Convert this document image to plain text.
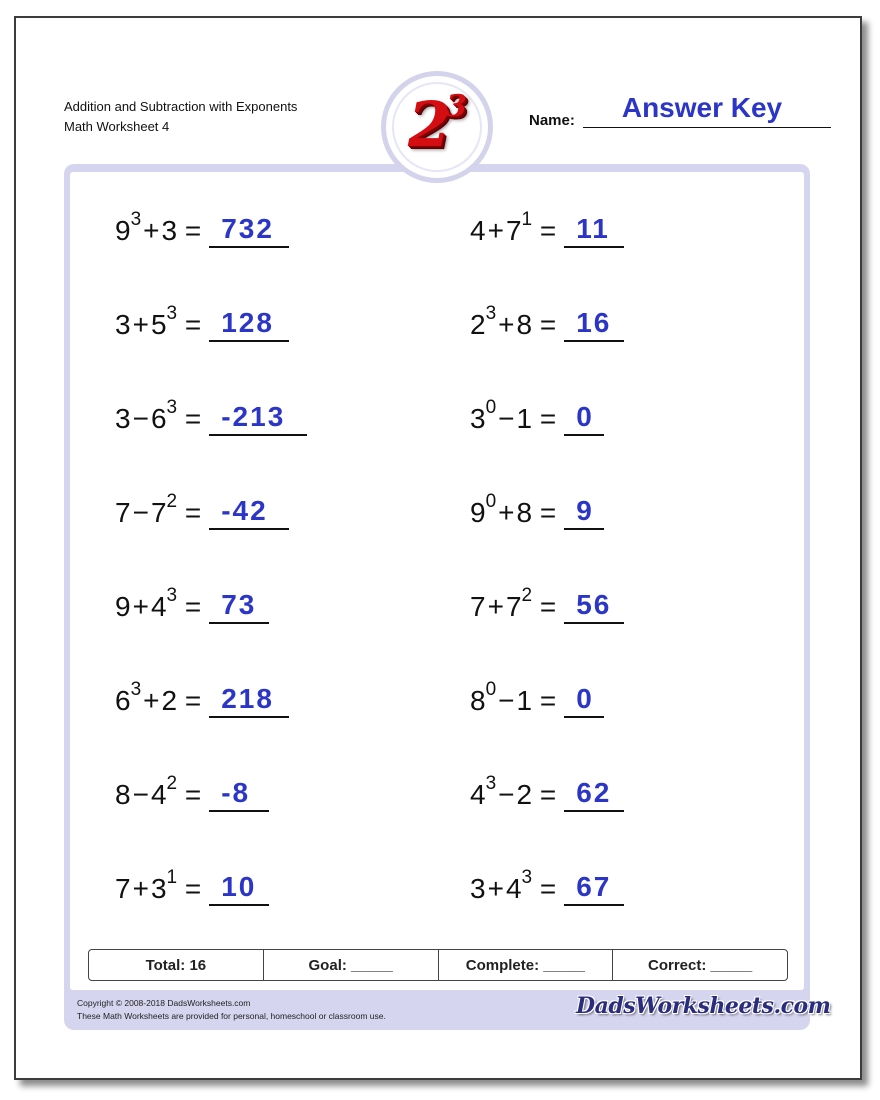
Addition and Subtraction with Exponents
Math Worksheet 4
$9^3+3 = 732$	$4+7^1 = 11$
$3+5^3 = 128$	$2^3+8 = 16$
$3-6^3 = -213$	$3^0-1 = 0$
$7-7^2 = -42$	$9^0+8 = 9$
$9+4^3 = 73$	$7+7^2 = 56$
$6^3+2 = 218$	$8^0-1 = 0$
$8-4^2 = -8$	$4^3-2 = 62$
$7+3^1 = 10$	$3+4^3 = 67$
2
3	Name:	Answer Key
Total: 16	Goal: _____	Complete: _____	Correct: _____
Copyright © 2008-2018 DadsWorksheets.com
These Math Worksheets are provided for personal, homeschool or classroom use.	DadsWorksheets.com
